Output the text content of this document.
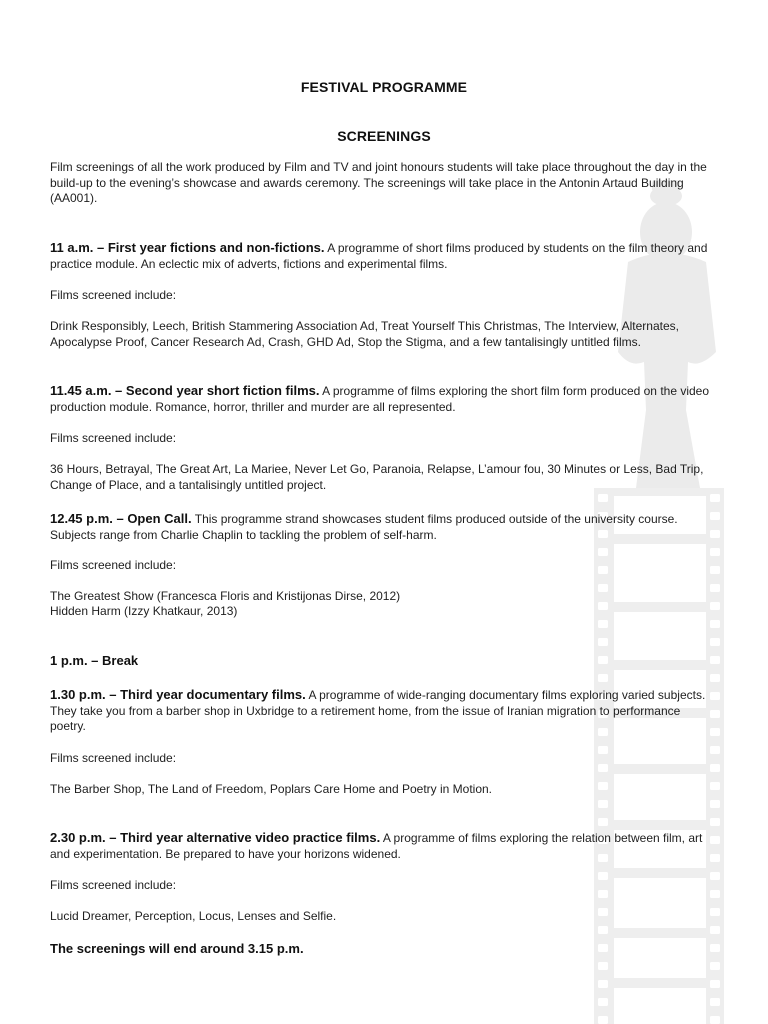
FESTIVAL PROGRAMME
SCREENINGS
Film screenings of all the work produced by Film and TV and joint honours students will take place throughout the day in the build-up to the evening’s showcase and awards ceremony. The screenings will take place in the Antonin Artaud Building (AA001).
11 a.m. – First year fictions and non-fictions. A programme of short films produced by students on the film theory and practice module. An eclectic mix of adverts, fictions and experimental films.
Films screened include:
Drink Responsibly, Leech, British Stammering Association Ad, Treat Yourself This Christmas, The Interview, Alternates, Apocalypse Proof, Cancer Research Ad, Crash, GHD Ad, Stop the Stigma, and a few tantalisingly untitled films.
11.45 a.m. – Second year short fiction films. A programme of films exploring the short film form produced on the video production module. Romance, horror, thriller and murder are all represented.
Films screened include:
36 Hours, Betrayal, The Great Art, La Mariee, Never Let Go, Paranoia, Relapse, L’amour fou, 30 Minutes or Less, Bad Trip, Change of Place, and a tantalisingly untitled project.
12.45 p.m. – Open Call. This programme strand showcases student films produced outside of the university course. Subjects range from Charlie Chaplin to tackling the problem of self-harm.
Films screened include:
The Greatest Show (Francesca Floris and Kristijonas Dirse, 2012)
Hidden Harm (Izzy Khatkaur, 2013)
1 p.m. – Break
1.30 p.m. – Third year documentary films. A programme of wide-ranging documentary films exploring varied subjects. They take you from a barber shop in Uxbridge to a retirement home, from the issue of Iranian migration to performance poetry.
Films screened include:
The Barber Shop, The Land of Freedom, Poplars Care Home and Poetry in Motion.
2.30 p.m. – Third year alternative video practice films. A programme of films exploring the relation between film, art and experimentation. Be prepared to have your horizons widened.
Films screened include:
Lucid Dreamer, Perception, Locus, Lenses and Selfie.
The screenings will end around 3.15 p.m.
